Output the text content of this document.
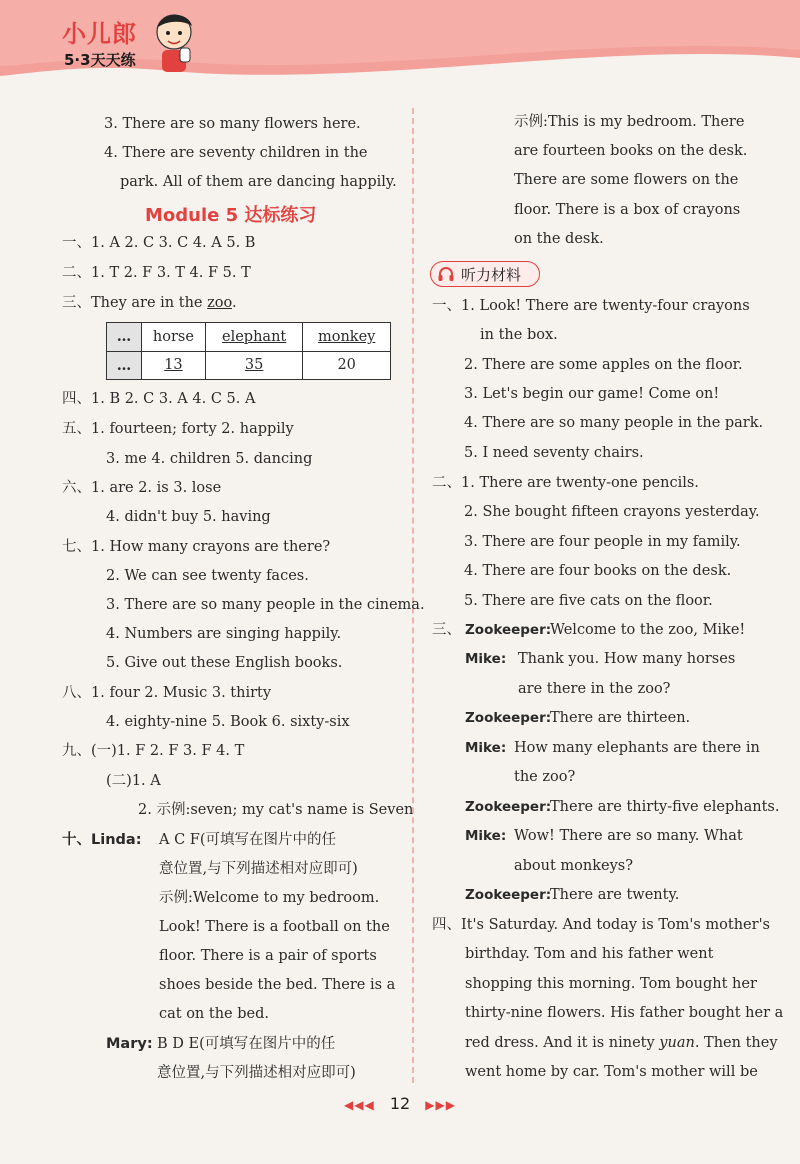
小儿郎
5·3天天练
3. There are so many flowers here.
4. There are seventy children in the
park. All of them are dancing happily.
Module 5 达标练习
一、1. A 2. C 3. C 4. A 5. B
二、1. T 2. F 3. T 4. F 5. T
三、They are in the zoo.
…	horse	elephant	monkey
…	13	35	20
四、1. B 2. C 3. A 4. C 5. A
五、1. fourteen; forty 2. happily
3. me 4. children 5. dancing
六、1. are 2. is 3. lose
4. didn't buy 5. having
七、1. How many crayons are there?
2. We can see twenty faces.
3. There are so many people in the cinema.
4. Numbers are singing happily.
5. Give out these English books.
八、1. four 2. Music 3. thirty
4. eighty-nine 5. Book 6. sixty-six
九、(一)1. F 2. F 3. F 4. T
(二)1. A
2. 示例:seven; my cat's name is Seven
十、Linda: A C F(可填写在图片中的任
意位置,与下列描述相对应即可)
示例:Welcome to my bedroom.
Look! There is a football on the
floor. There is a pair of sports
shoes beside the bed. There is a
cat on the bed.
Mary: B D E(可填写在图片中的任
意位置,与下列描述相对应即可)
示例:This is my bedroom. There
are fourteen books on the desk.
There are some flowers on the
floor. There is a box of crayons
on the desk.
听力材料
一、1. Look! There are twenty-four crayons
in the box.
2. There are some apples on the floor.
3. Let's begin our game! Come on!
4. There are so many people in the park.
5. I need seventy chairs.
二、1. There are twenty-one pencils.
2. She bought fifteen crayons yesterday.
3. There are four people in my family.
4. There are four books on the desk.
5. There are five cats on the floor.
三、 Zookeeper:
Welcome to the zoo, Mike!
Mike: Thank you. How many horses
are there in the zoo?
Zookeeper:
There are thirteen.
Mike: How many elephants are there in
the zoo?
Zookeeper:
There are thirty-five elephants.
Mike: Wow! There are so many. What
about monkeys?
Zookeeper:
There are twenty.
四、It's Saturday. And today is Tom's mother's
birthday. Tom and his father went
shopping this morning. Tom bought her
thirty-nine flowers. His father bought her a
red dress. And it is ninety yuan. Then they
went home by car. Tom's mother will be
◀◀◀ 12 ▶▶▶
